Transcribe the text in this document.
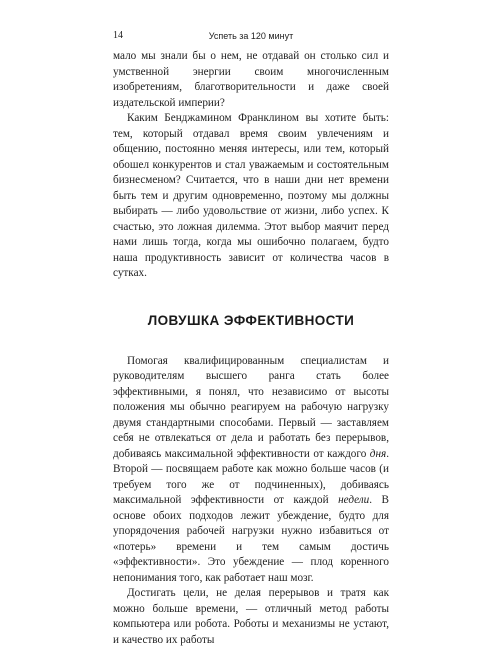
14	Успеть за 120 минут

мало мы знали бы о нем, не отдавай он столько сил и умственной энергии своим многочисленным изобретениям, благотворительности и даже своей издательской империи?

Каким Бенджамином Франклином вы хотите быть: тем, который отдавал время своим увлечениям и общению, постоянно меняя интересы, или тем, который обошел конкурентов и стал уважаемым и состоятельным бизнесменом? Считается, что в наши дни нет времени быть тем и другим одновременно, поэтому мы должны выбирать — либо удовольствие от жизни, либо успех. К счастью, это ложная дилемма. Этот выбор маячит перед нами лишь тогда, когда мы ошибочно полагаем, будто наша продуктивность зависит от количества часов в сутках.

ЛОВУШКА ЭФФЕКТИВНОСТИ

Помогая квалифицированным специалистам и руководителям высшего ранга стать более эффективными, я понял, что независимо от высоты положения мы обычно реагируем на рабочую нагрузку двумя стандартными способами. Первый — заставляем себя не отвлекаться от дела и работать без перерывов, добиваясь максимальной эффективности от каждого дня. Второй — посвящаем работе как можно больше часов (и требуем того же от подчиненных), добиваясь максимальной эффективности от каждой недели. В основе обоих подходов лежит убеждение, будто для упорядочения рабочей нагрузки нужно избавиться от «потерь» времени и тем самым достичь «эффективности». Это убеждение — плод коренного непонимания того, как работает наш мозг.

Достигать цели, не делая перерывов и тратя как можно больше времени, — отличный метод работы компьютера или робота. Роботы и механизмы не устают, и качество их работы
